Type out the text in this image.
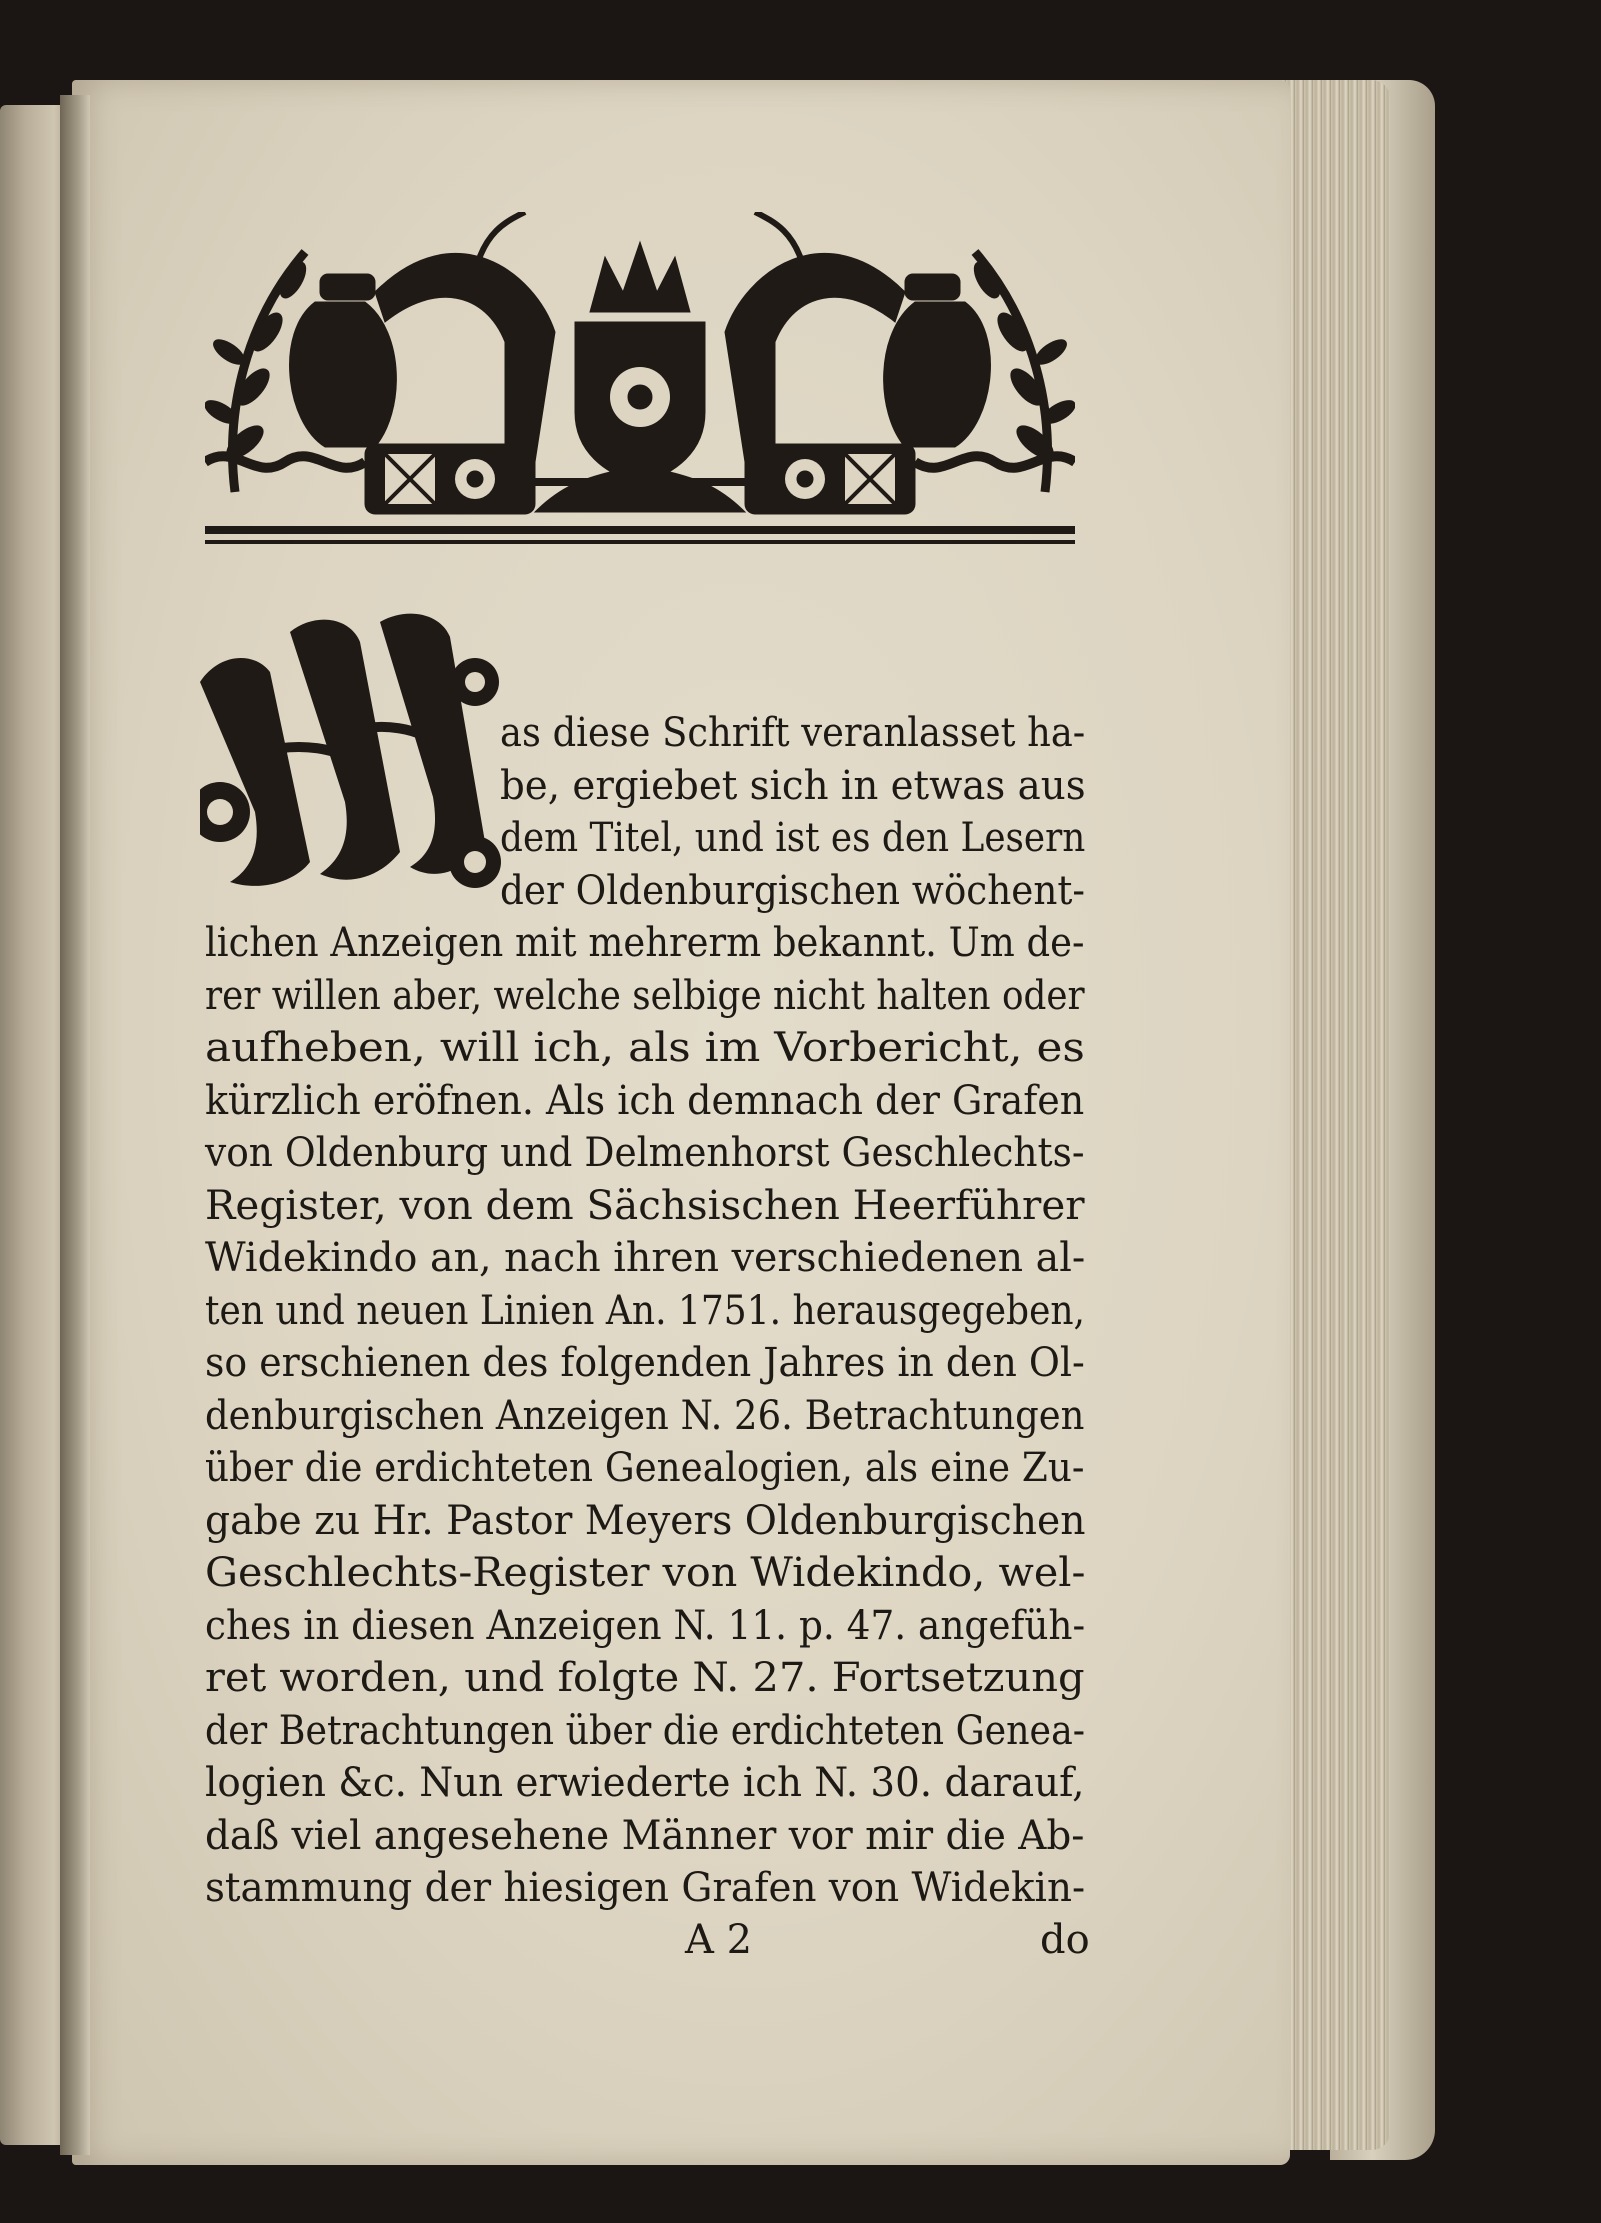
as diese Schrift veranlasset ha-
be, ergiebet sich in etwas aus
dem Titel, und ist es den Lesern
der Oldenburgischen wöchent-
lichen Anzeigen mit mehrerm bekannt. Um de-
rer willen aber, welche selbige nicht halten oder
aufheben, will ich, als im Vorbericht, es
kürzlich eröfnen. Als ich demnach der Grafen
von Oldenburg und Delmenhorst Geschlechts-
Register, von dem Sächsischen Heerführer
Widekindo an, nach ihren verschiedenen al-
ten und neuen Linien An. 1751. herausgegeben,
so erschienen des folgenden Jahres in den Ol-
denburgischen Anzeigen N. 26. Betrachtungen
über die erdichteten Genealogien, als eine Zu-
gabe zu Hr. Pastor Meyers Oldenburgischen
Geschlechts-Register von Widekindo, wel-
ches in diesen Anzeigen N. 11. p. 47. angefüh-
ret worden, und folgte N. 27. Fortsetzung
der Betrachtungen über die erdichteten Genea-
logien &c. Nun erwiederte ich N. 30. darauf,
daß viel angesehene Männer vor mir die Ab-
stammung der hiesigen Grafen von Widekin-
A 2	do
